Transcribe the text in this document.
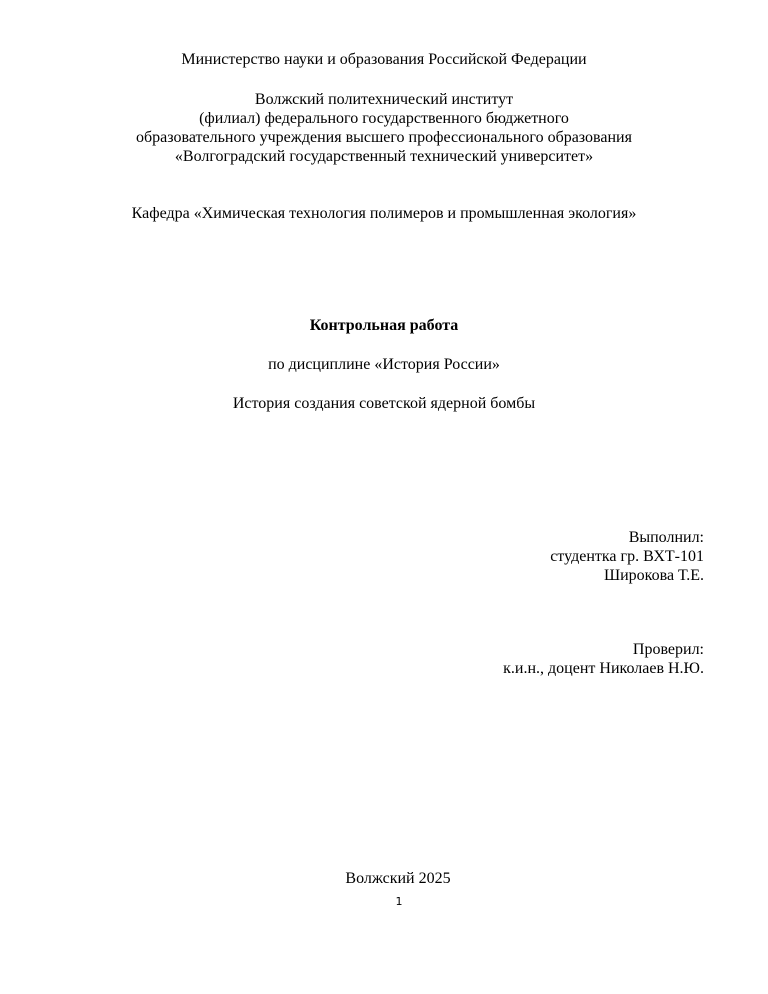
Министерство науки и образования Российской Федерации
Волжский политехнический институт
(филиал) федерального государственного бюджетного
образовательного учреждения высшего профессионального образования
«Волгоградский государственный технический университет»
Кафедра «Химическая технология полимеров и промышленная экология»
Контрольная работа
по дисциплине «История России»
История создания советской ядерной бомбы
Выполнил:
студентка гр. ВХТ-101
Широкова Т.Е.
Проверил:
к.и.н., доцент Николаев Н.Ю.
Волжский 2025
1
